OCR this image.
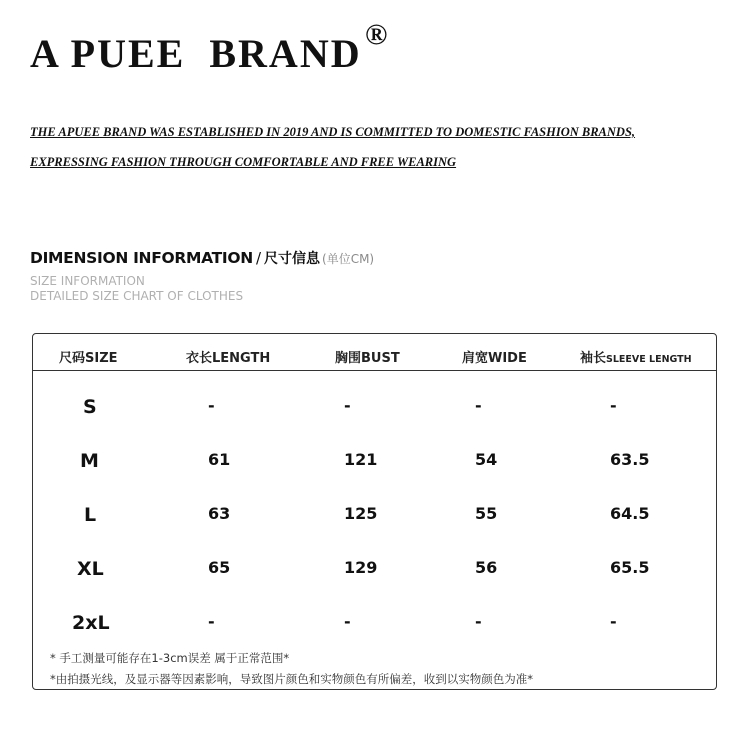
A PUEE  BRAND ®
THE APUEE BRAND WAS ESTABLISHED IN 2019 AND IS COMMITTED TO DOMESTIC FASHION BRANDS,
EXPRESSING FASHION THROUGH COMFORTABLE AND FREE WEARING
DIMENSION INFORMATION / 尺寸信息 (单位CM)
SIZE INFORMATION
DETAILED SIZE CHART OF CLOTHES
尺码SIZE	衣长LENGTH	胸围BUST	肩宽WIDE	袖长SLEEVE LENGTH
S	-	-	-	-
M	61	121	54	63.5
L	63	125	55	64.5
XL	65	129	56	65.5
2xL	-	-	-	-
* 手工测量可能存在1-3cm误差 属于正常范围*
*由拍摄光线，及显示器等因素影响，导致图片颜色和实物颜色有所偏差，收到以实物颜色为准*
